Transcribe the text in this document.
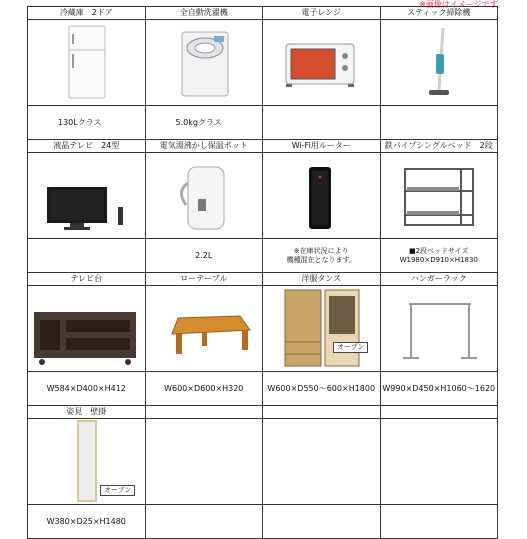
※画像はイメージです。
冷蔵庫　2ドア
130Lクラス
全自動洗濯機
5.0kgクラス
電子レンジ	スティック掃除機
液晶テレビ　24型	電気湯沸かし保温ポット
2.2L
Wi-Fi用ルーター
※在庫状況により
機種混在となります。
鉄パイプシングルベッド　2段
■2段ベッドサイズ
W1980×D910×H1830
テレビ台
W584×D400×H412
ローテーブル
W600×D600×H320
洋服タンス
オープン
W600×D550～600×H1800
ハンガーラック
W990×D450×H1060～1620
姿見　壁掛
オープン
W380×D25×H1480
